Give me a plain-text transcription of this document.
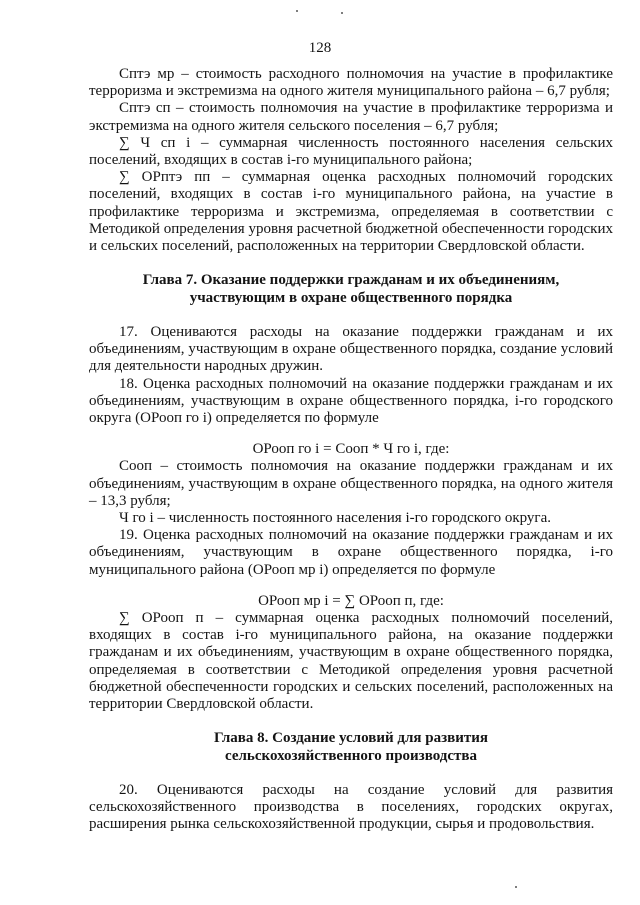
128

Сптэ мр – стоимость расходного полномочия на участие в профилактике терроризма и экстремизма на одного жителя муниципального района – 6,7 рубля;

Сптэ сп – стоимость полномочия на участие в профилактике терроризма и экстремизма на одного жителя сельского поселения – 6,7 рубля;

∑ Ч сп i – суммарная численность постоянного населения сельских поселений, входящих в состав i-го муниципального района;

∑ ОРптэ пп – суммарная оценка расходных полномочий городских поселений, входящих в состав i-го муниципального района, на участие в профилактике терроризма и экстремизма, определяемая в соответствии с Методикой определения уровня расчетной бюджетной обеспеченности городских и сельских поселений, расположенных на территории Свердловской области.

Глава 7. Оказание поддержки гражданам и их объединениям,
участвующим в охране общественного порядка

17. Оцениваются расходы на оказание поддержки гражданам и их объединениям, участвующим в охране общественного порядка, создание условий для деятельности народных дружин.

18. Оценка расходных полномочий на оказание поддержки гражданам и их объединениям, участвующим в охране общественного порядка, i-го городского округа (ОРооп го i) определяется по формуле

ОРооп го i = Сооп * Ч го i, где:

Сооп – стоимость полномочия на оказание поддержки гражданам и их объединениям, участвующим в охране общественного порядка, на одного жителя – 13,3 рубля;

Ч го i – численность постоянного населения i-го городского округа.

19. Оценка расходных полномочий на оказание поддержки гражданам и их объединениям, участвующим в охране общественного порядка, i-го муниципального района (ОРооп мр i) определяется по формуле

ОРооп мр i = ∑ ОРооп п, где:

∑ ОРооп п – суммарная оценка расходных полномочий поселений, входящих в состав i-го муниципального района, на оказание поддержки гражданам и их объединениям, участвующим в охране общественного порядка, определяемая в соответствии с Методикой определения уровня расчетной бюджетной обеспеченности городских и сельских поселений, расположенных на территории Свердловской области.

Глава 8. Создание условий для развития
сельскохозяйственного производства

20. Оцениваются расходы на создание условий для развития сельскохозяйственного производства в поселениях, городских округах, расширения рынка сельскохозяйственной продукции, сырья и продовольствия.
